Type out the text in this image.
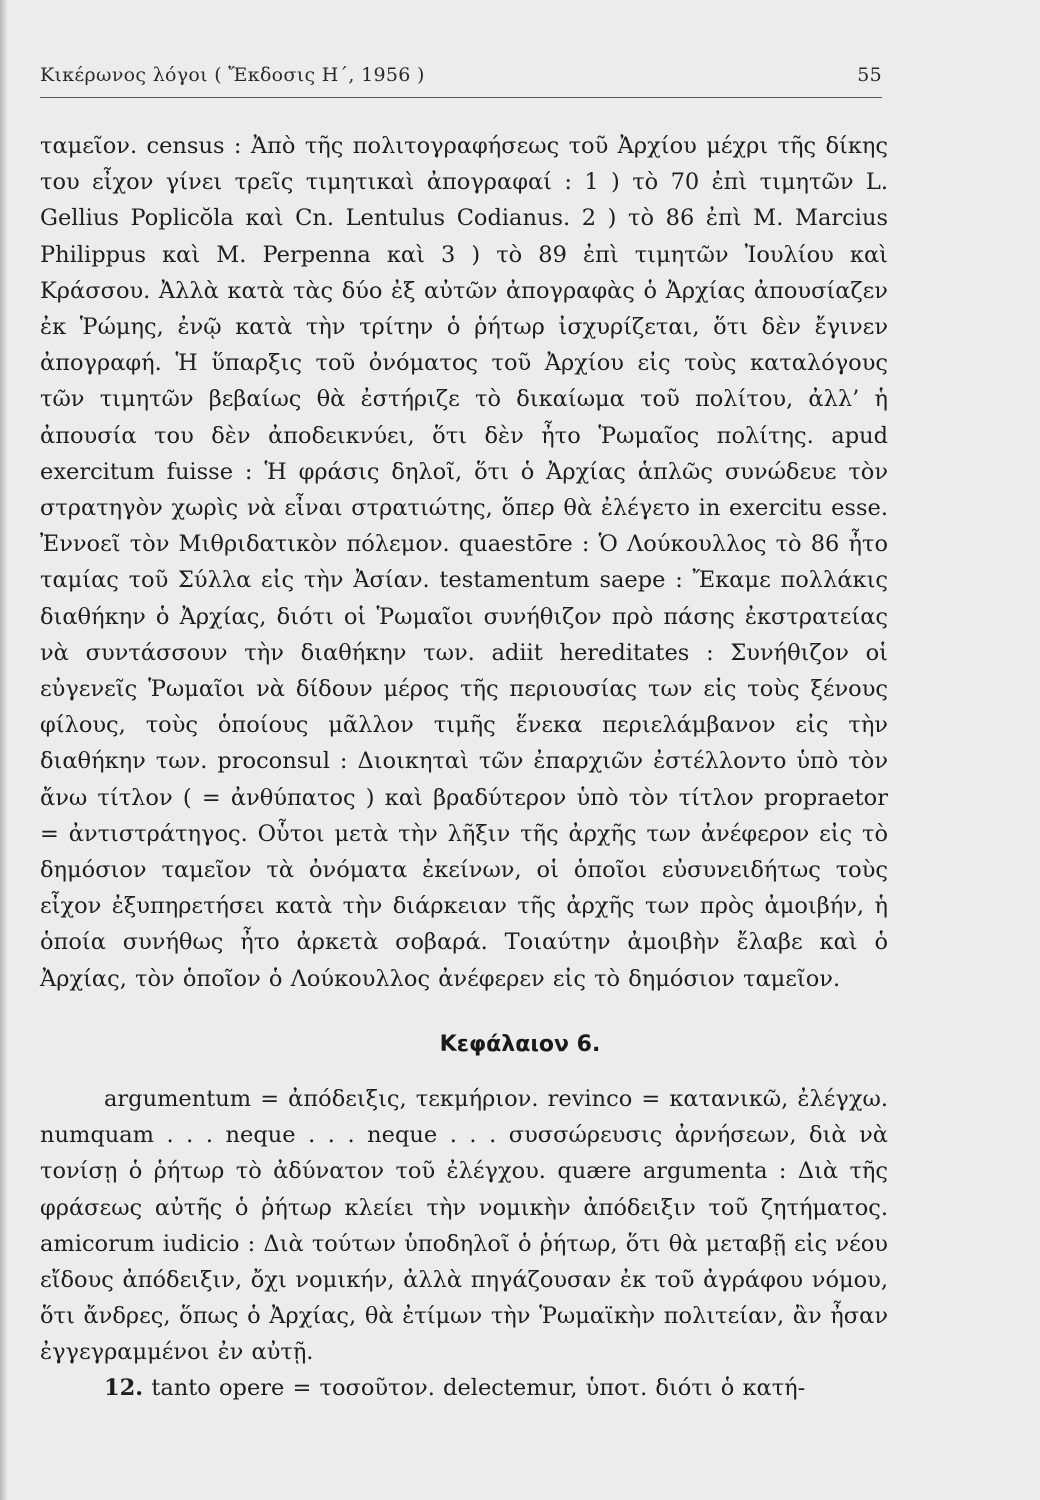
Κικέρωνος λόγοι ( Ἔκδοσις Η΄, 1956 )	55
ταμεῖον. census : Ἀπὸ τῆς πολιτογραφήσεως τοῦ Ἀρχίου μέχρι τῆς δίκης του εἶχον γίνει τρεῖς τιμητικαὶ ἀπογραφαί : 1 ) τὸ 70 ἐπὶ τιμητῶν L. Gellius Poplicŏla καὶ Cn. Lentulus Codianus. 2 ) τὸ 86 ἐπὶ M. Marcius Philippus καὶ M. Perpenna καὶ 3 ) τὸ 89 ἐπὶ τιμητῶν Ἰουλίου καὶ Κράσσου. Ἀλλὰ κατὰ τὰς δύο ἐξ αὐτῶν ἀπογραφὰς ὁ Ἀρχίας ἀπουσίαζεν ἐκ Ῥώμης, ἐνῷ κατὰ τὴν τρίτην ὁ ῥήτωρ ἰσχυρίζεται, ὅτι δὲν ἔγινεν ἀπογραφή. Ἡ ὕπαρξις τοῦ ὀνόματος τοῦ Ἀρχίου εἰς τοὺς καταλόγους τῶν τιμητῶν βεβαίως θὰ ἐστήριζε τὸ δικαίωμα τοῦ πολίτου, ἀλλ’ ἡ ἀπουσία του δὲν ἀποδεικνύει, ὅτι δὲν ἦτο Ῥωμαῖος πολίτης. apud exercitum fuisse : Ἡ φράσις δηλοῖ, ὅτι ὁ Ἀρχίας ἁπλῶς συνώδευε τὸν στρατηγὸν χωρὶς νὰ εἶναι στρατιώτης, ὅπερ θὰ ἐλέγετο in exercitu esse. Ἐννοεῖ τὸν Μιθριδατικὸν πόλεμον. quaestōre : Ὁ Λούκουλλος τὸ 86 ἦτο ταμίας τοῦ Σύλλα εἰς τὴν Ἀσίαν. testamentum saepe : Ἔκαμε πολλάκις διαθήκην ὁ Ἀρχίας, διότι οἱ Ῥωμαῖοι συνήθιζον πρὸ πάσης ἐκστρατείας νὰ συντάσσουν τὴν διαθήκην των. adiit hereditates : Συνήθιζον οἱ εὐγενεῖς Ῥωμαῖοι νὰ δίδουν μέρος τῆς περιουσίας των εἰς τοὺς ξένους φίλους, τοὺς ὁποίους μᾶλλον τιμῆς ἕνεκα περιελάμβανον εἰς τὴν διαθήκην των. proconsul : Διοικηταὶ τῶν ἐπαρχιῶν ἐστέλλοντο ὑπὸ τὸν ἄνω τίτλον ( = ἀνθύπατος ) καὶ βραδύτερον ὑπὸ τὸν τίτλον propraetor = ἀντιστράτηγος. Οὗτοι μετὰ τὴν λῆξιν τῆς ἀρχῆς των ἀνέφερον εἰς τὸ δημόσιον ταμεῖον τὰ ὀνόματα ἐκείνων, οἱ ὁποῖοι εὐσυνειδήτως τοὺς εἶχον ἐξυπηρετήσει κατὰ τὴν διάρκειαν τῆς ἀρχῆς των πρὸς ἀμοιβήν, ἡ ὁποία συνήθως ἦτο ἀρκετὰ σοβαρά. Τοιαύτην ἀμοιβὴν ἔλαβε καὶ ὁ Ἀρχίας, τὸν ὁποῖον ὁ Λούκουλλος ἀνέφερεν εἰς τὸ δημόσιον ταμεῖον.
Κεφάλαιον 6.
argumentum = ἀπόδειξις, τεκμήριον. revinco = κατανικῶ, ἐλέγχω. numquam . . . neque . . . neque . . . συσσώρευσις ἀρνήσεων, διὰ νὰ τονίσῃ ὁ ῥήτωρ τὸ ἀδύνατον τοῦ ἐλέγχου. quære argumenta : Διὰ τῆς φράσεως αὐτῆς ὁ ῥήτωρ κλείει τὴν νομικὴν ἀπόδειξιν τοῦ ζητήματος. amicorum iudicio : Διὰ τούτων ὑποδηλοῖ ὁ ῥήτωρ, ὅτι θὰ μεταβῇ εἰς νέου εἴδους ἀπόδειξιν, ὄχι νομικήν, ἀλλὰ πηγάζουσαν ἐκ τοῦ ἀγράφου νόμου, ὅτι ἄνδρες, ὅπως ὁ Ἀρχίας, θὰ ἐτίμων τὴν Ῥωμαϊκὴν πολιτείαν, ἂν ἦσαν ἐγγεγραμμένοι ἐν αὐτῇ.
12. tanto opere = τοσοῦτον. delectemur, ὑποτ. διότι ὁ κατή-
